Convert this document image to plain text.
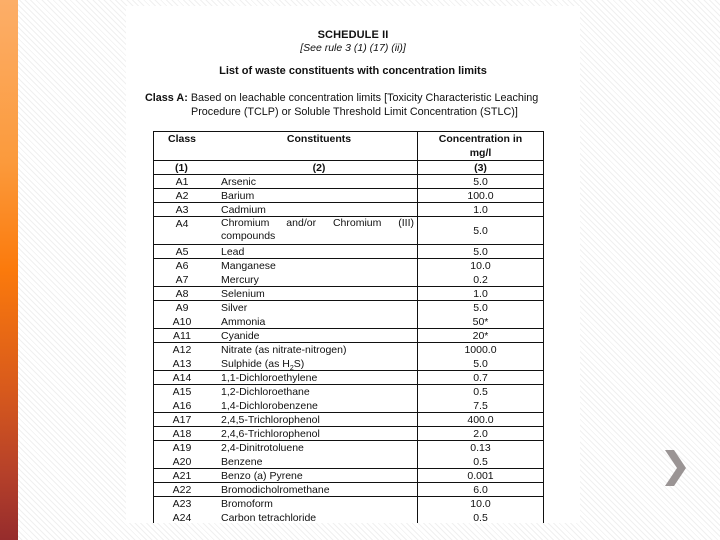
SCHEDULE II
[See rule 3 (1) (17) (ii)]
List of waste constituents with concentration limits
Class A: Based on leachable concentration limits [Toxicity Characteristic Leaching
Procedure (TCLP) or Soluble Threshold Limit Concentration (STLC)]
Class	Constituents	Concentration in
mg/l
(1)	(2)	(3)
A1	Arsenic	5.0
A2	Barium	100.0
A3	Cadmium	1.0
A4	Chromium and/or Chromium (III) compounds	5.0
A5	Lead	5.0
A6	Manganese	10.0
A7	Mercury	0.2
A8	Selenium	1.0
A9	Silver	5.0
A10	Ammonia	50*
A11	Cyanide	20*
A12	Nitrate (as nitrate-nitrogen)	1000.0
A13	Sulphide (as $H_2S$)	5.0
A14	1,1-Dichloroethylene	0.7
A15	1,2-Dichloroethane	0.5
A16	1,4-Dichlorobenzene	7.5
A17	2,4,5-Trichlorophenol	400.0
A18	2,4,6-Trichlorophenol	2.0
A19	2,4-Dinitrotoluene	0.13
A20	Benzene	0.5
A21	Benzo (a) Pyrene	0.001
A22	Bromodicholromethane	6.0
A23	Bromoform	10.0
A24	Carbon tetrachloride	0.5
